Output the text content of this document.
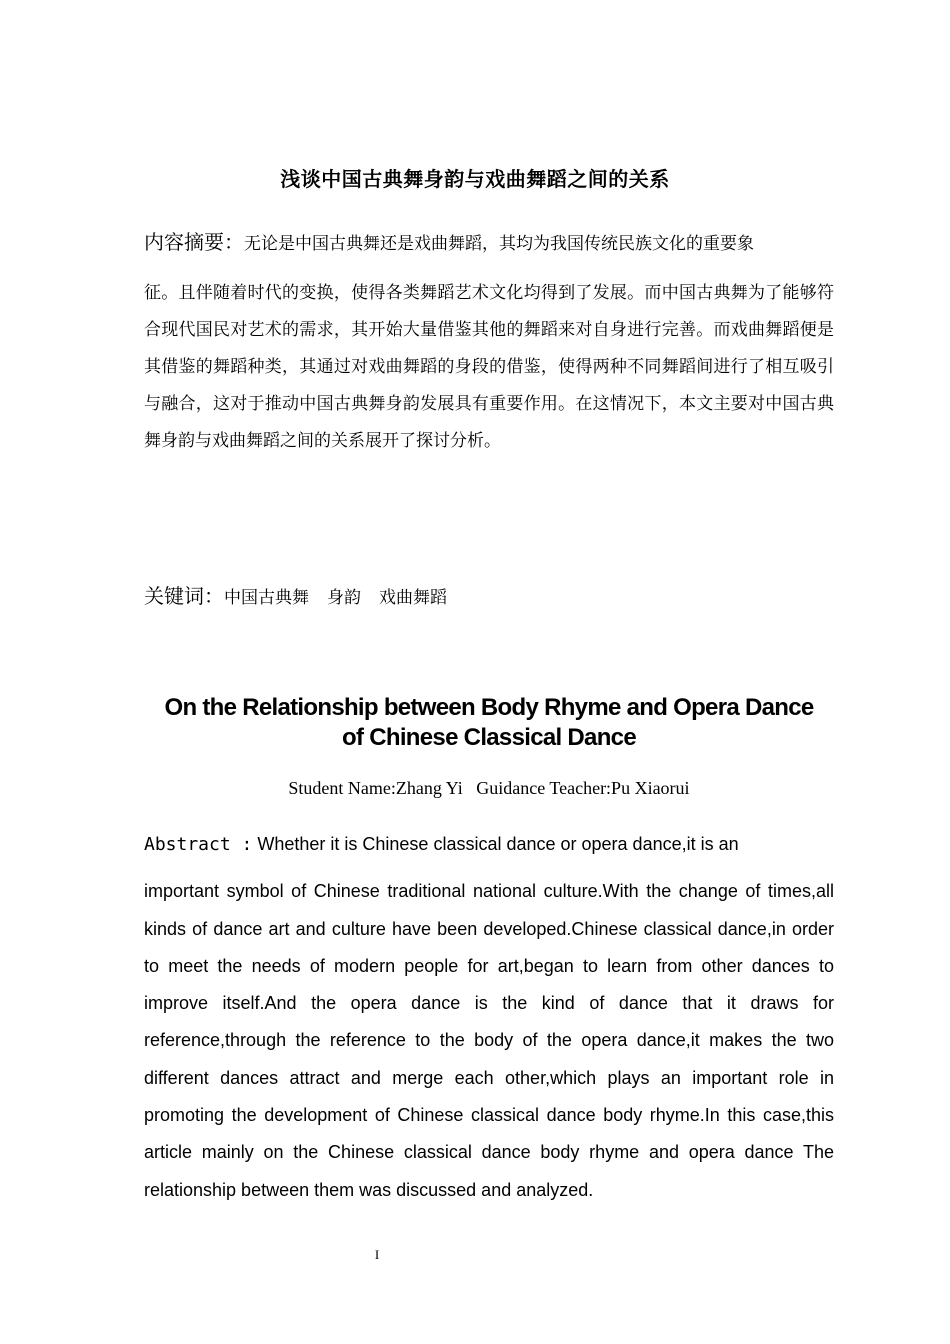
浅谈中国古典舞身韵与戏曲舞蹈之间的关系
内容摘要：无论是中国古典舞还是戏曲舞蹈，其均为我国传统民族文化的重要象
征。且伴随着时代的变换，使得各类舞蹈艺术文化均得到了发展。而中国古典舞为了能够符合现代国民对艺术的需求，其开始大量借鉴其他的舞蹈来对自身进行完善。而戏曲舞蹈便是其借鉴的舞蹈种类，其通过对戏曲舞蹈的身段的借鉴，使得两种不同舞蹈间进行了相互吸引与融合，这对于推动中国古典舞身韵发展具有重要作用。在这情况下，本文主要对中国古典舞身韵与戏曲舞蹈之间的关系展开了探讨分析。
关键词：中国古典舞 身韵 戏曲舞蹈
On the Relationship between Body Rhyme and Opera Dance
of Chinese Classical Dance
Student Name:Zhang Yi   Guidance Teacher:Pu Xiaorui
Abstract : Whether it is Chinese classical dance or opera dance,it is an
important symbol of Chinese traditional national culture.With the change of times,all kinds of dance art and culture have been developed.Chinese classical dance,in order to meet the needs of modern people for art,began to learn from other dances to improve itself.And the opera dance is the kind of dance that it draws for reference,through the reference to the body of the opera dance,it makes the two different dances attract and merge each other,which plays an important role in promoting the development of Chinese classical dance body rhyme.In this case,this article mainly on the Chinese classical dance body rhyme and opera dance The relationship between them was discussed and analyzed.
I
